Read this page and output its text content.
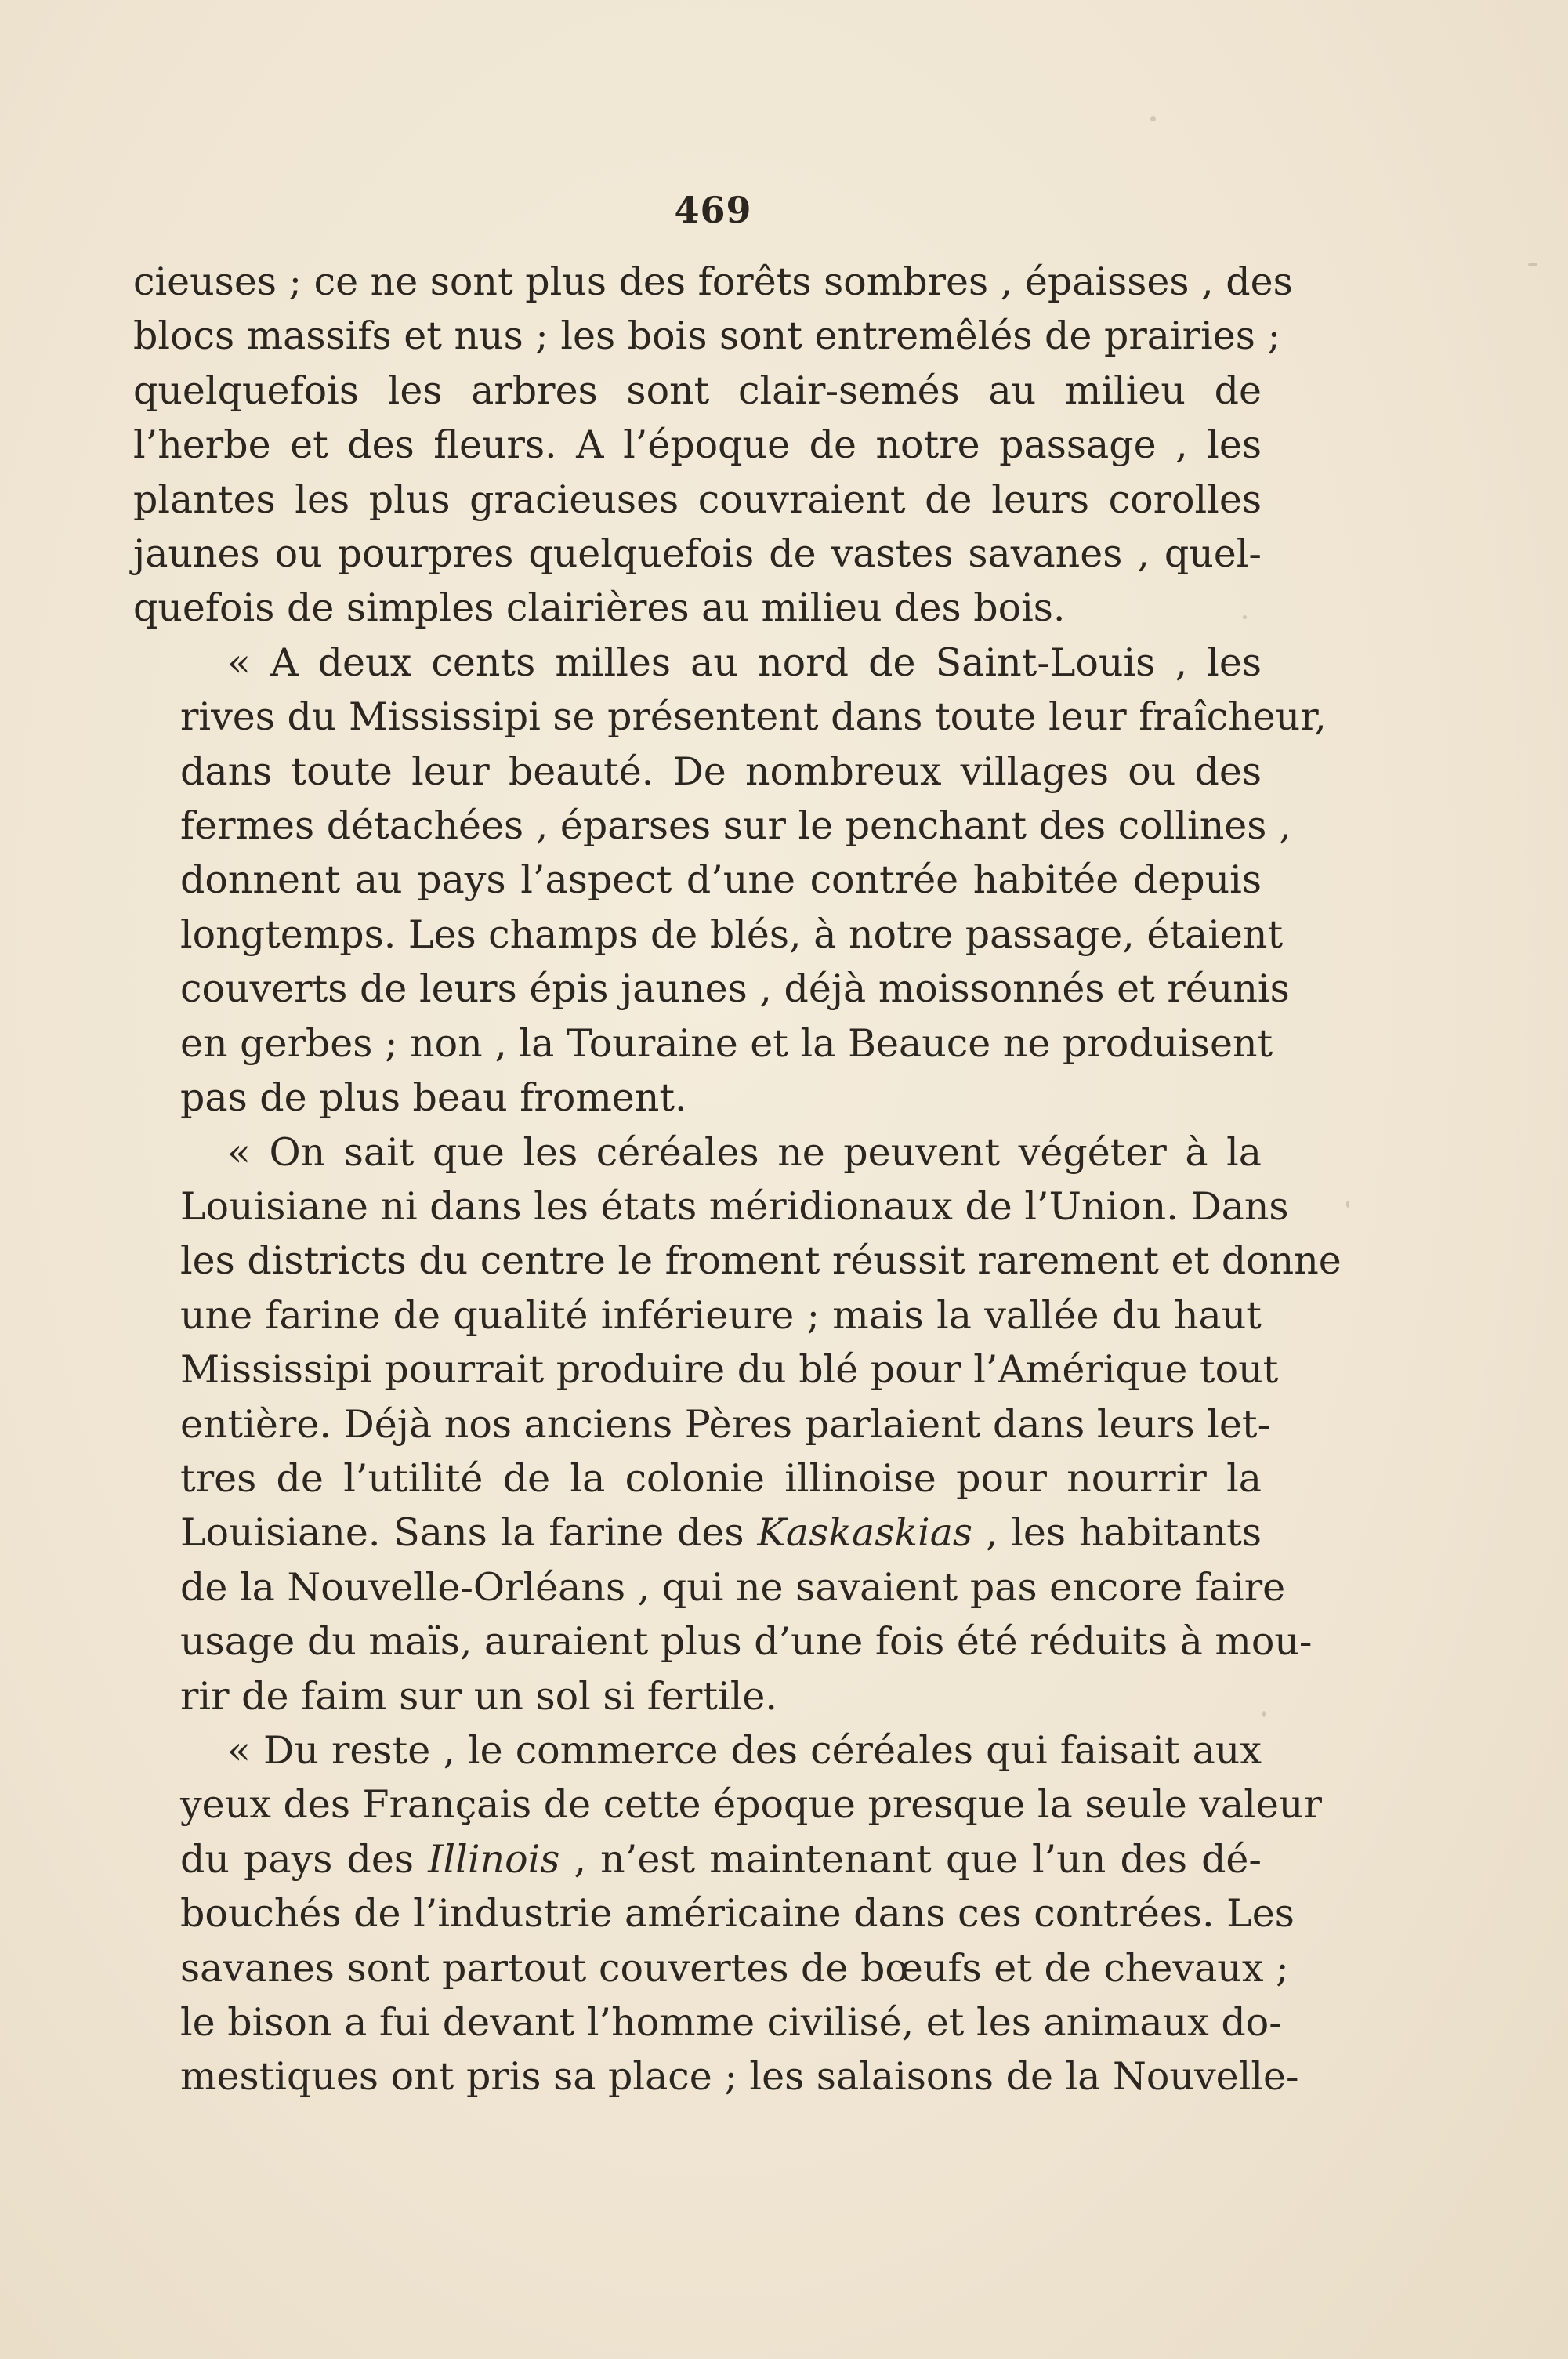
469

cieuses ; ce ne sont plus des forêts sombres , épaisses , des
blocs massifs et nus ; les bois sont entremêlés de prairies ;
quelquefois les arbres sont clair-semés au milieu de
l’herbe et des fleurs. A l’époque de notre passage , les
plantes les plus gracieuses couvraient de leurs corolles
jaunes ou pourpres quelquefois de vastes savanes , quel-
quefois de simples clairières au milieu des bois.

« A deux cents milles au nord de Saint-Louis , les
rives du Mississipi se présentent dans toute leur fraîcheur,
dans toute leur beauté. De nombreux villages ou des
fermes détachées , éparses sur le penchant des collines ,
donnent au pays l’aspect d’une contrée habitée depuis
longtemps. Les champs de blés, à notre passage, étaient
couverts de leurs épis jaunes , déjà moissonnés et réunis
en gerbes ; non , la Touraine et la Beauce ne produisent
pas de plus beau froment.

« On sait que les céréales ne peuvent végéter à la
Louisiane ni dans les états méridionaux de l’Union. Dans
les districts du centre le froment réussit rarement et donne
une farine de qualité inférieure ; mais la vallée du haut
Mississipi pourrait produire du blé pour l’Amérique tout
entière. Déjà nos anciens Pères parlaient dans leurs let-
tres de l’utilité de la colonie illinoise pour nourrir la
Louisiane. Sans la farine des Kaskaskias , les habitants
de la Nouvelle-Orléans , qui ne savaient pas encore faire
usage du maïs, auraient plus d’une fois été réduits à mou-
rir de faim sur un sol si fertile.

« Du reste , le commerce des céréales qui faisait aux
yeux des Français de cette époque presque la seule valeur
du pays des Illinois , n’est maintenant que l’un des dé-
bouchés de l’industrie américaine dans ces contrées. Les
savanes sont partout couvertes de bœufs et de chevaux ;
le bison a fui devant l’homme civilisé, et les animaux do-
mestiques ont pris sa place ; les salaisons de la Nouvelle-
